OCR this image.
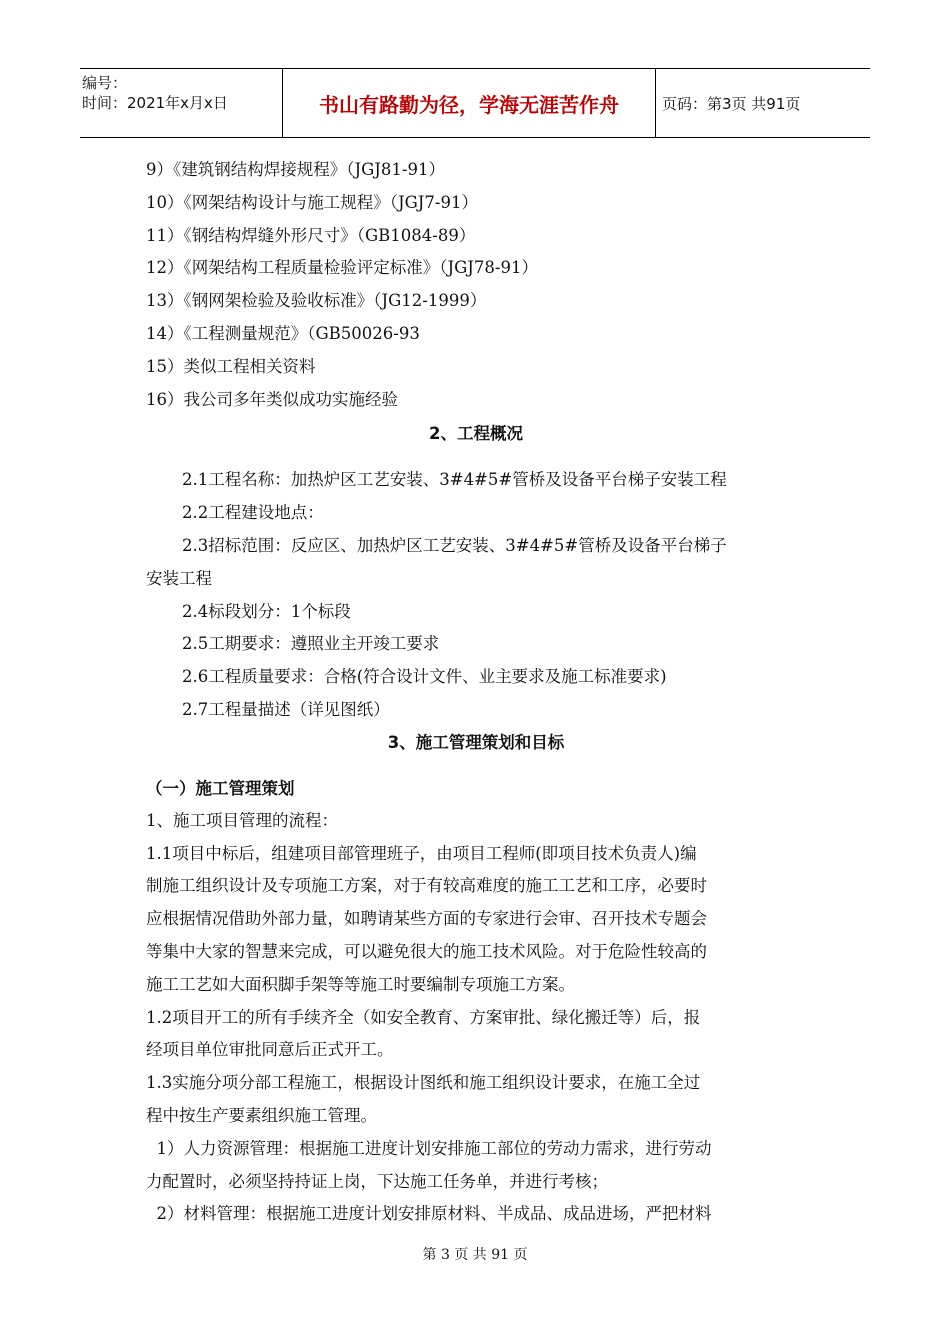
编号：
时间：2021年x月x日	书山有路勤为径，学海无涯苦作舟	页码：第3页 共91页
9）《建筑钢结构焊接规程》（JGJ81-91）
10）《网架结构设计与施工规程》（JGJ7-91）
11）《钢结构焊缝外形尺寸》（GB1084-89）
12）《网架结构工程质量检验评定标准》（JGJ78-91）
13）《钢网架检验及验收标准》（JG12-1999）
14）《工程测量规范》（GB50026-93
15）类似工程相关资料
16）我公司多年类似成功实施经验
2、工程概况
2.1工程名称：加热炉区工艺安装、3#4#5#管桥及设备平台梯子安装工程
2.2工程建设地点：
2.3招标范围：反应区、加热炉区工艺安装、3#4#5#管桥及设备平台梯子
安装工程
2.4标段划分：1个标段
2.5工期要求：遵照业主开竣工要求
2.6工程质量要求：合格(符合设计文件、业主要求及施工标准要求)
2.7工程量描述（详见图纸）
3、施工管理策划和目标
（一）施工管理策划
1、施工项目管理的流程：
1.1项目中标后，组建项目部管理班子，由项目工程师(即项目技术负责人)编
制施工组织设计及专项施工方案，对于有较高难度的施工工艺和工序，必要时
应根据情况借助外部力量，如聘请某些方面的专家进行会审、召开技术专题会
等集中大家的智慧来完成，可以避免很大的施工技术风险。对于危险性较高的
施工工艺如大面积脚手架等等施工时要编制专项施工方案。
1.2项目开工的所有手续齐全（如安全教育、方案审批、绿化搬迁等）后，报
经项目单位审批同意后正式开工。
1.3实施分项分部工程施工，根据设计图纸和施工组织设计要求，在施工全过
程中按生产要素组织施工管理。
1）人力资源管理：根据施工进度计划安排施工部位的劳动力需求，进行劳动
力配置时，必须坚持持证上岗，下达施工任务单，并进行考核；
2）材料管理：根据施工进度计划安排原材料、半成品、成品进场，严把材料
第 3 页 共 91 页
